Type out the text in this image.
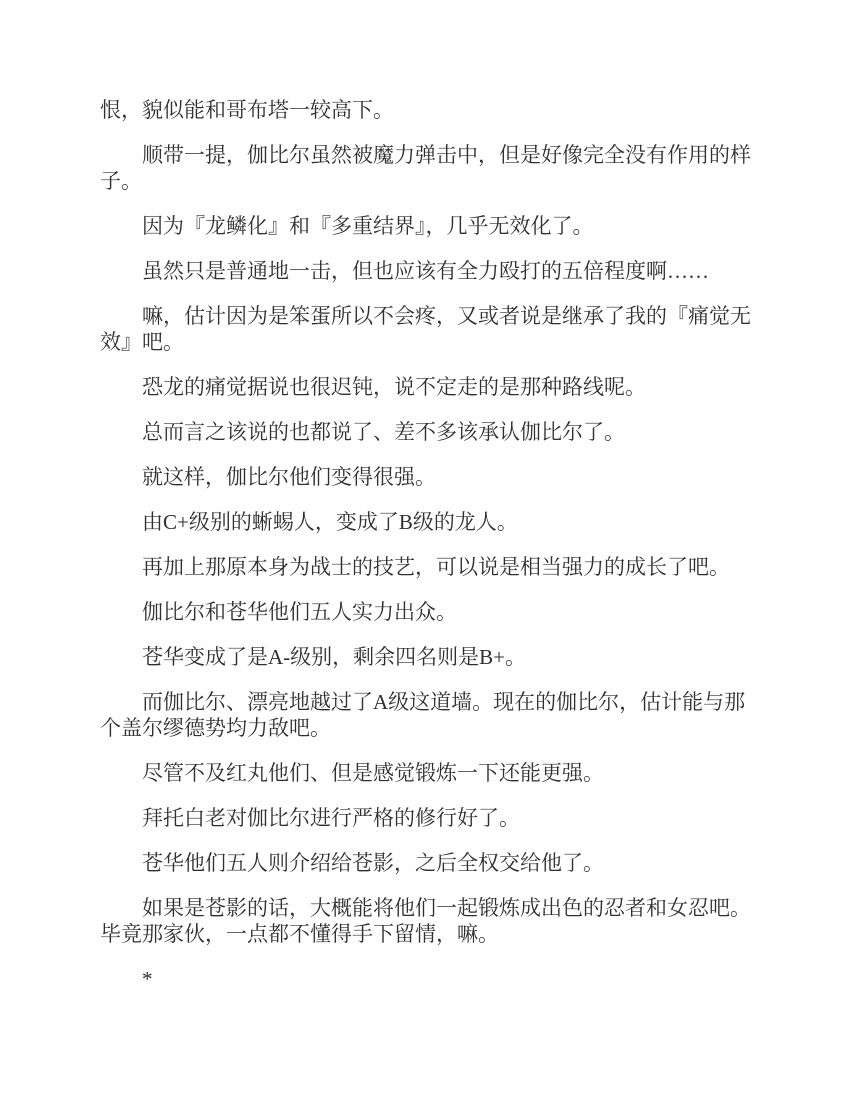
恨，貌似能和哥布塔一较高下。

顺带一提，伽比尔虽然被魔力弹击中，但是好像完全没有作用的样子。

因为『龙鳞化』和『多重结界』，几乎无效化了。

虽然只是普通地一击，但也应该有全力殴打的五倍程度啊……

嘛，估计因为是笨蛋所以不会疼，又或者说是继承了我的『痛觉无效』吧。

恐龙的痛觉据说也很迟钝，说不定走的是那种路线呢。

总而言之该说的也都说了、差不多该承认伽比尔了。

就这样，伽比尔他们变得很强。

由C+级别的蜥蜴人，变成了B级的龙人。

再加上那原本身为战士的技艺，可以说是相当强力的成长了吧。

伽比尔和苍华他们五人实力出众。

苍华变成了是A-级别，剩余四名则是B+。

而伽比尔、漂亮地越过了A级这道墙。现在的伽比尔，估计能与那个盖尔缪德势均力敌吧。

尽管不及红丸他们、但是感觉锻炼一下还能更强。

拜托白老对伽比尔进行严格的修行好了。

苍华他们五人则介绍给苍影，之后全权交给他了。

如果是苍影的话，大概能将他们一起锻炼成出色的忍者和女忍吧。毕竟那家伙，一点都不懂得手下留情，嘛。

*
